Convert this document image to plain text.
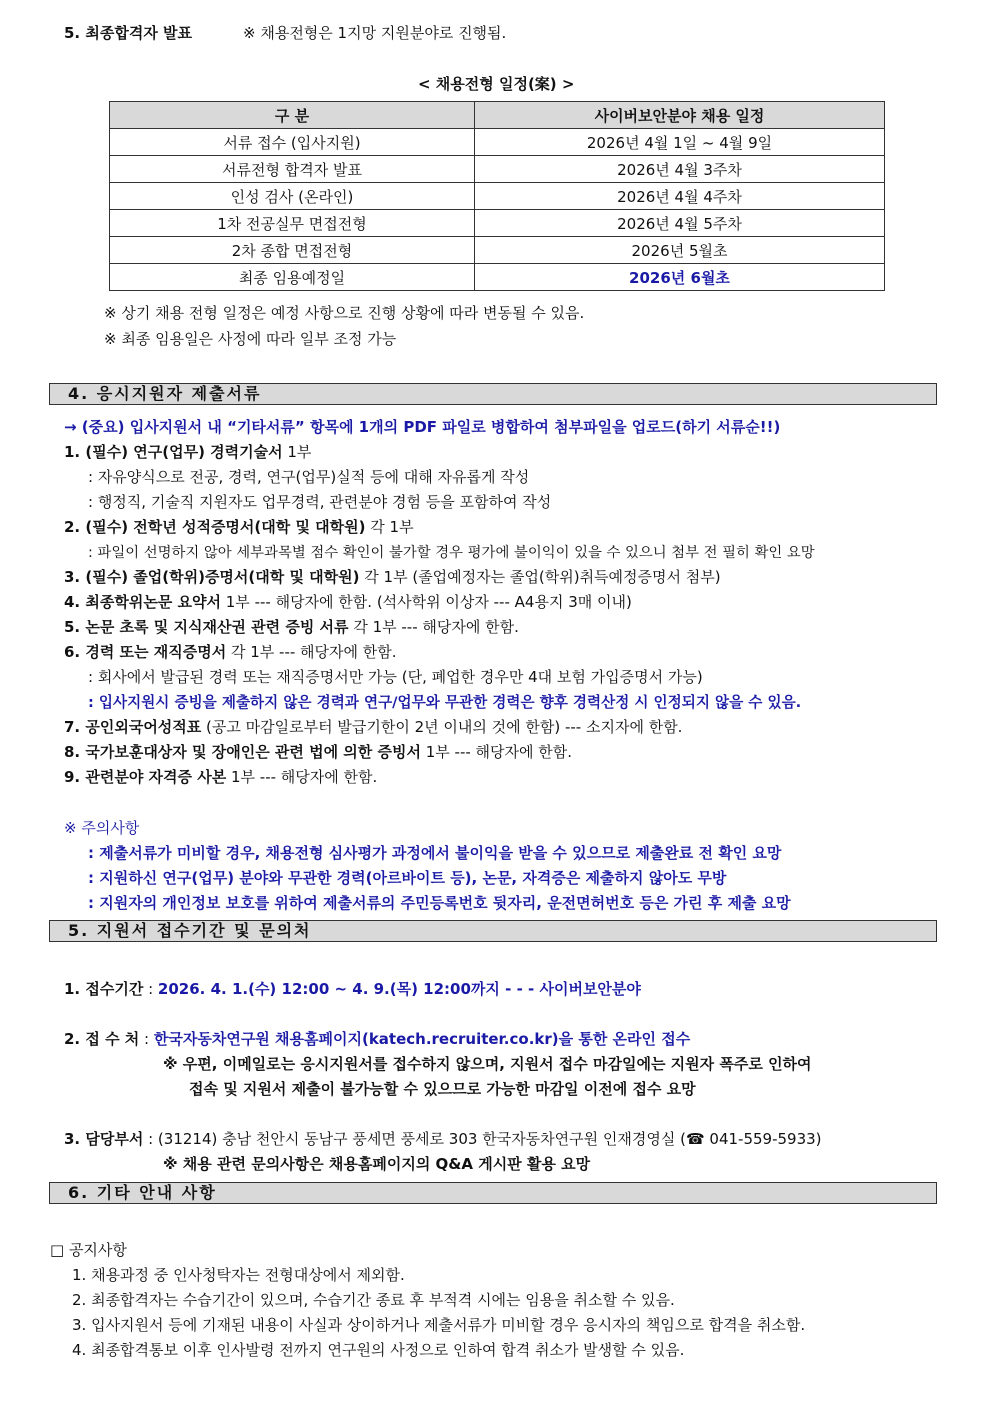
5. 최종합격자 발표	※ 채용전형은 1지망 지원분야로 진행됨.
< 채용전형 일정(案) >
구 분	사이버보안분야 채용 일정
서류 접수 (입사지원)	2026년 4월 1일 ~ 4월 9일
서류전형 합격자 발표	2026년 4월 3주차
인성 검사 (온라인)	2026년 4월 4주차
1차 전공실무 면접전형	2026년 4월 5주차
2차 종합 면접전형	2026년 5월초
최종 임용예정일	2026년 6월초
※ 상기 채용 전형 일정은 예정 사항으로 진행 상황에 따라 변동될 수 있음.
※ 최종 임용일은 사정에 따라 일부 조정 가능
4. 응시지원자 제출서류
→ (중요) 입사지원서 내 “기타서류” 항목에 1개의 PDF 파일로 병합하여 첨부파일을 업로드(하기 서류순!!)
1. (필수) 연구(업무) 경력기술서 1부
: 자유양식으로 전공, 경력, 연구(업무)실적 등에 대해 자유롭게 작성
: 행정직, 기술직 지원자도 업무경력, 관련분야 경험 등을 포함하여 작성
2. (필수) 전학년 성적증명서(대학 및 대학원) 각 1부
: 파일이 선명하지 않아 세부과목별 점수 확인이 불가할 경우 평가에 불이익이 있을 수 있으니 첨부 전 필히 확인 요망
3. (필수) 졸업(학위)증명서(대학 및 대학원) 각 1부 (졸업예정자는 졸업(학위)취득예정증명서 첨부)
4. 최종학위논문 요약서 1부 --- 해당자에 한함. (석사학위 이상자 --- A4용지 3매 이내)
5. 논문 초록 및 지식재산권 관련 증빙 서류 각 1부 --- 해당자에 한함.
6. 경력 또는 재직증명서 각 1부 --- 해당자에 한함.
: 회사에서 발급된 경력 또는 재직증명서만 가능 (단, 폐업한 경우만 4대 보험 가입증명서 가능)
: 입사지원시 증빙을 제출하지 않은 경력과 연구/업무와 무관한 경력은 향후 경력산정 시 인정되지 않을 수 있음.
7. 공인외국어성적표 (공고 마감일로부터 발급기한이 2년 이내의 것에 한함) --- 소지자에 한함.
8. 국가보훈대상자 및 장애인은 관련 법에 의한 증빙서 1부 --- 해당자에 한함.
9. 관련분야 자격증 사본 1부 --- 해당자에 한함.
※ 주의사항
: 제출서류가 미비할 경우, 채용전형 심사평가 과정에서 불이익을 받을 수 있으므로 제출완료 전 확인 요망
: 지원하신 연구(업무) 분야와 무관한 경력(아르바이트 등), 논문, 자격증은 제출하지 않아도 무방
: 지원자의 개인정보 보호를 위하여 제출서류의 주민등록번호 뒷자리, 운전면허번호 등은 가린 후 제출 요망
5. 지원서 접수기간 및 문의처
1. 접수기간 : 2026. 4. 1.(수) 12:00 ~ 4. 9.(목) 12:00까지 - - - 사이버보안분야
2. 접 수 처 : 한국자동차연구원 채용홈페이지(katech.recruiter.co.kr)을 통한 온라인 접수
※ 우편, 이메일로는 응시지원서를 접수하지 않으며, 지원서 접수 마감일에는 지원자 폭주로 인하여
접속 및 지원서 제출이 불가능할 수 있으므로 가능한 마감일 이전에 접수 요망
3. 담당부서 : (31214) 충남 천안시 동남구 풍세면 풍세로 303 한국자동차연구원 인재경영실 (☎ 041-559-5933)
※ 채용 관련 문의사항은 채용홈페이지의 Q&A 게시판 활용 요망
6. 기타 안내 사항
□ 공지사항
1. 채용과정 중 인사청탁자는 전형대상에서 제외함.
2. 최종합격자는 수습기간이 있으며, 수습기간 종료 후 부적격 시에는 임용을 취소할 수 있음.
3. 입사지원서 등에 기재된 내용이 사실과 상이하거나 제출서류가 미비할 경우 응시자의 책임으로 합격을 취소함.
4. 최종합격통보 이후 인사발령 전까지 연구원의 사정으로 인하여 합격 취소가 발생할 수 있음.
